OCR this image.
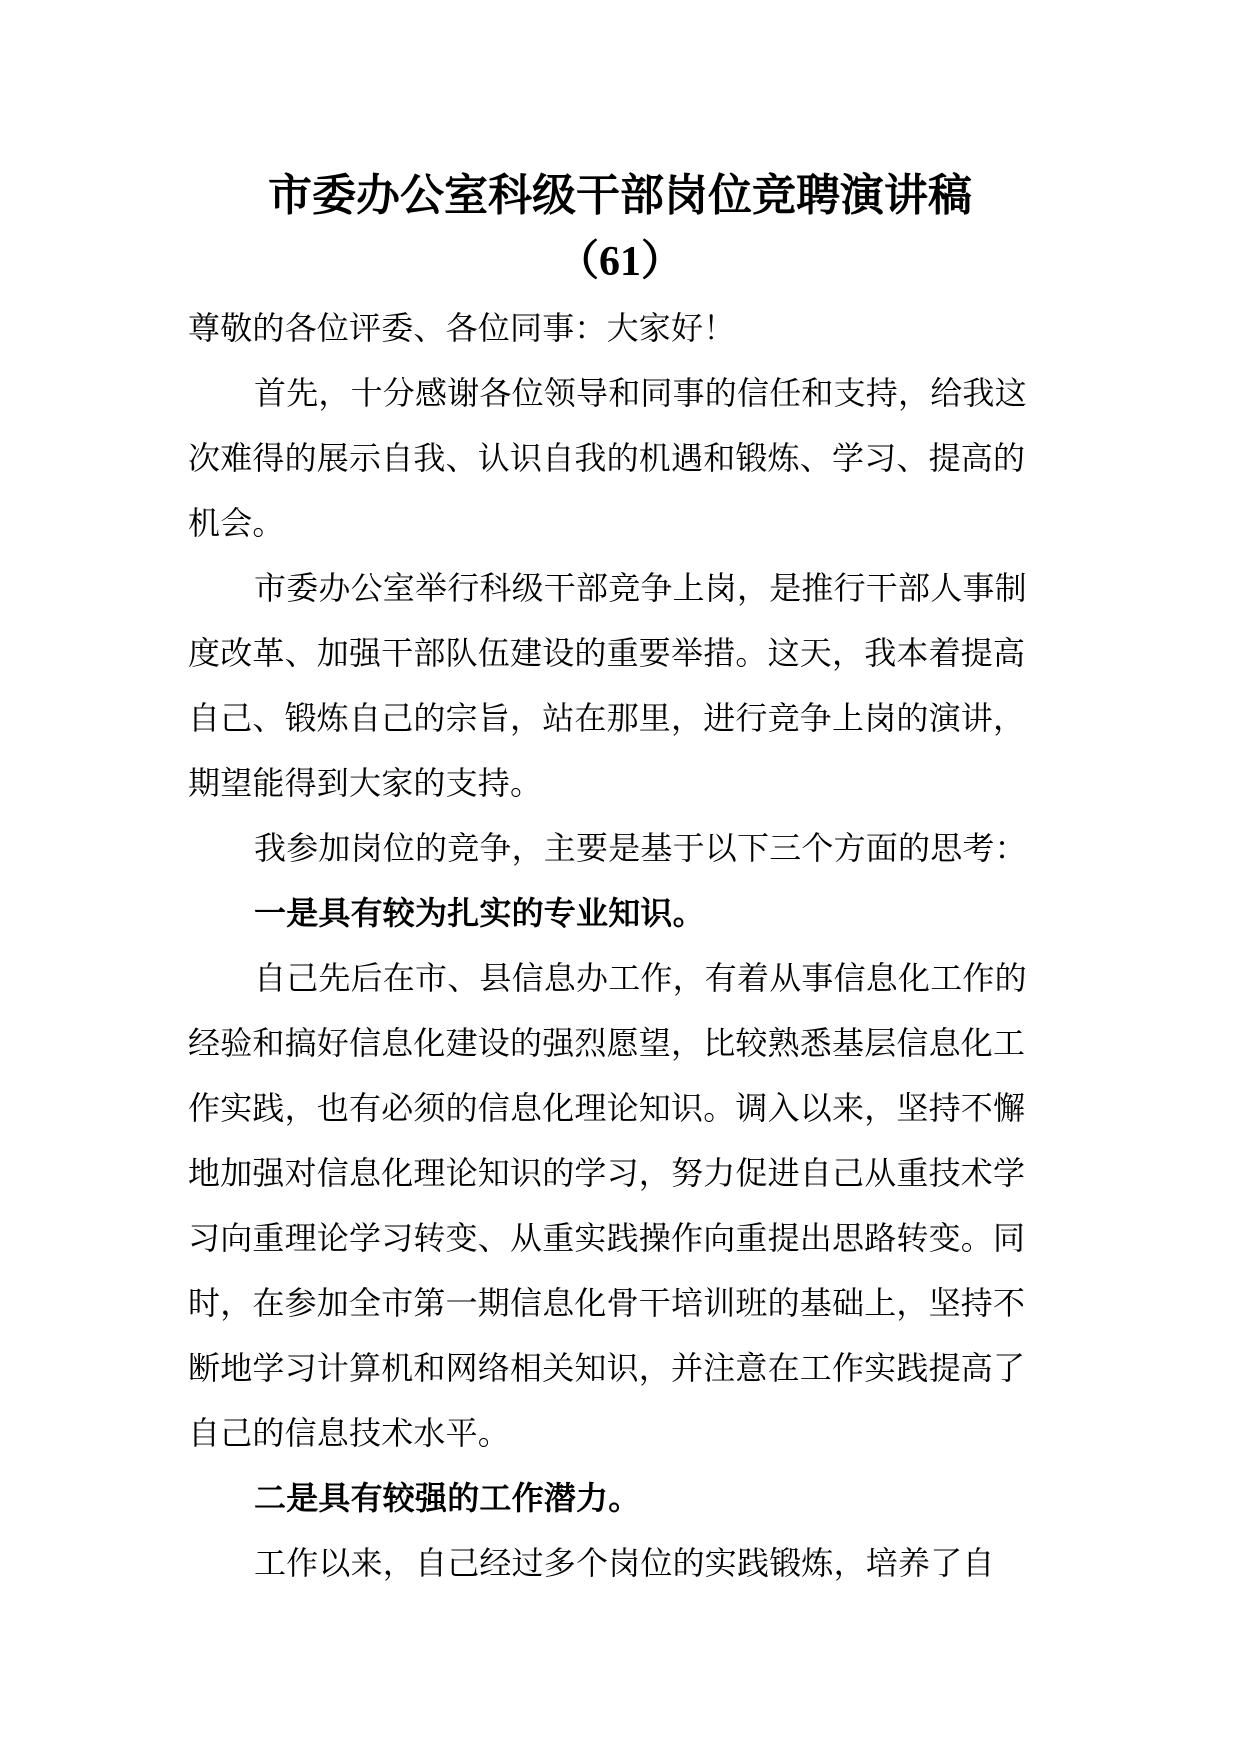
市委办公室科级干部岗位竞聘演讲稿
（61）

尊敬的各位评委、各位同事：大家好！

首先，十分感谢各位领导和同事的信任和支持，给我这次难得的展示自我、认识自我的机遇和锻炼、学习、提高的机会。

市委办公室举行科级干部竞争上岗，是推行干部人事制度改革、加强干部队伍建设的重要举措。这天，我本着提高自己、锻炼自己的宗旨，站在那里，进行竞争上岗的演讲，期望能得到大家的支持。

我参加岗位的竞争，主要是基于以下三个方面的思考：

一是具有较为扎实的专业知识。

自己先后在市、县信息办工作，有着从事信息化工作的经验和搞好信息化建设的强烈愿望，比较熟悉基层信息化工作实践，也有必须的信息化理论知识。调入以来，坚持不懈地加强对信息化理论知识的学习，努力促进自己从重技术学习向重理论学习转变、从重实践操作向重提出思路转变。同时，在参加全市第一期信息化骨干培训班的基础上，坚持不断地学习计算机和网络相关知识，并注意在工作实践提高了自己的信息技术水平。

二是具有较强的工作潜力。

工作以来，自己经过多个岗位的实践锻炼，培养了自
